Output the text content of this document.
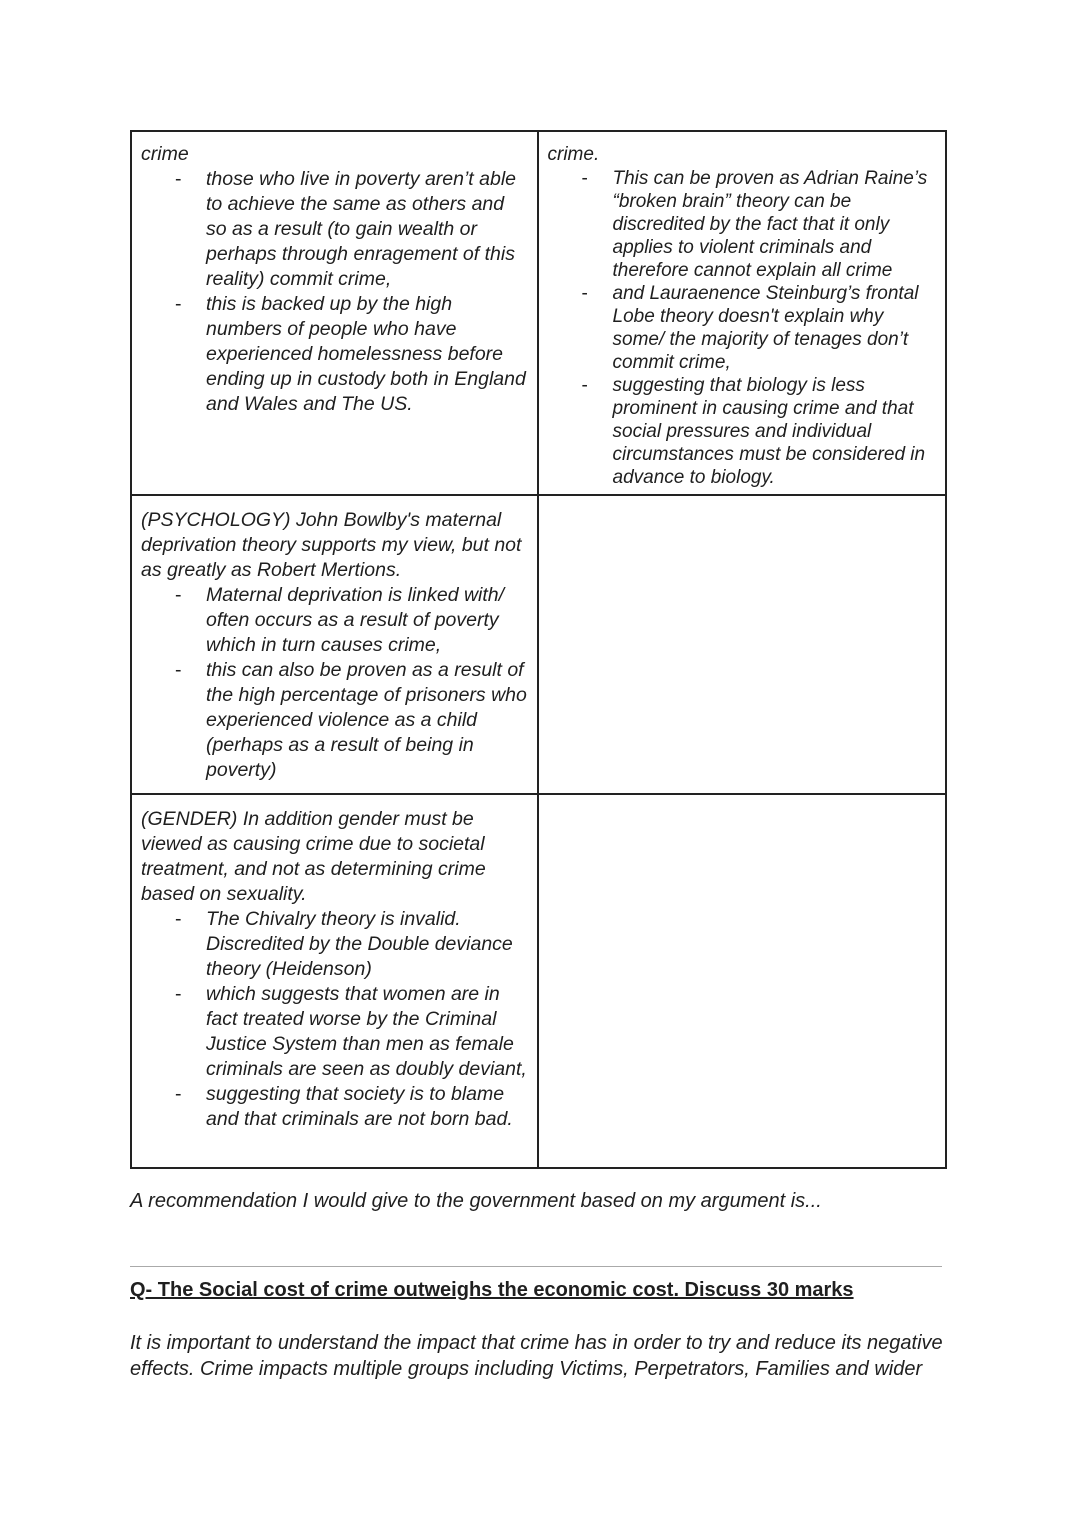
crime

- those who live in poverty aren’t able to achieve the same as others and so as a result (to gain wealth or perhaps through enragement of this reality) commit crime,
- this is backed up by the high numbers of people who have experienced homelessness before ending up in custody both in England and Wales and The US.

crime.

- This can be proven as Adrian Raine’s “broken brain” theory can be discredited by the fact that it only applies to violent criminals and therefore cannot explain all crime
- and Lauraenence Steinburg’s frontal Lobe theory doesn't explain why some/ the majority of tenages don’t commit crime,
- suggesting that biology is less prominent in causing crime and that social pressures and individual circumstances must be considered in advance to biology.

(PSYCHOLOGY) John Bowlby's maternal deprivation theory supports my view, but not as greatly as Robert Mertions.

- Maternal deprivation is linked with/ often occurs as a result of poverty which in turn causes crime,
- this can also be proven as a result of the high percentage of prisoners who experienced violence as a child (perhaps as a result of being in poverty)

(GENDER) In addition gender must be viewed as causing crime due to societal treatment, and not as determining crime based on sexuality.

- The Chivalry theory is invalid. Discredited by the Double deviance theory (Heidenson)
- which suggests that women are in fact treated worse by the Criminal Justice System than men as female criminals are seen as doubly deviant,
- suggesting that society is to blame and that criminals are not born bad.

A recommendation I would give to the government based on my argument is...

Q- The Social cost of crime outweighs the economic cost. Discuss 30 marks

It is important to understand the impact that crime has in order to try and reduce its negative effects. Crime impacts multiple groups including Victims, Perpetrators, Families and wider
